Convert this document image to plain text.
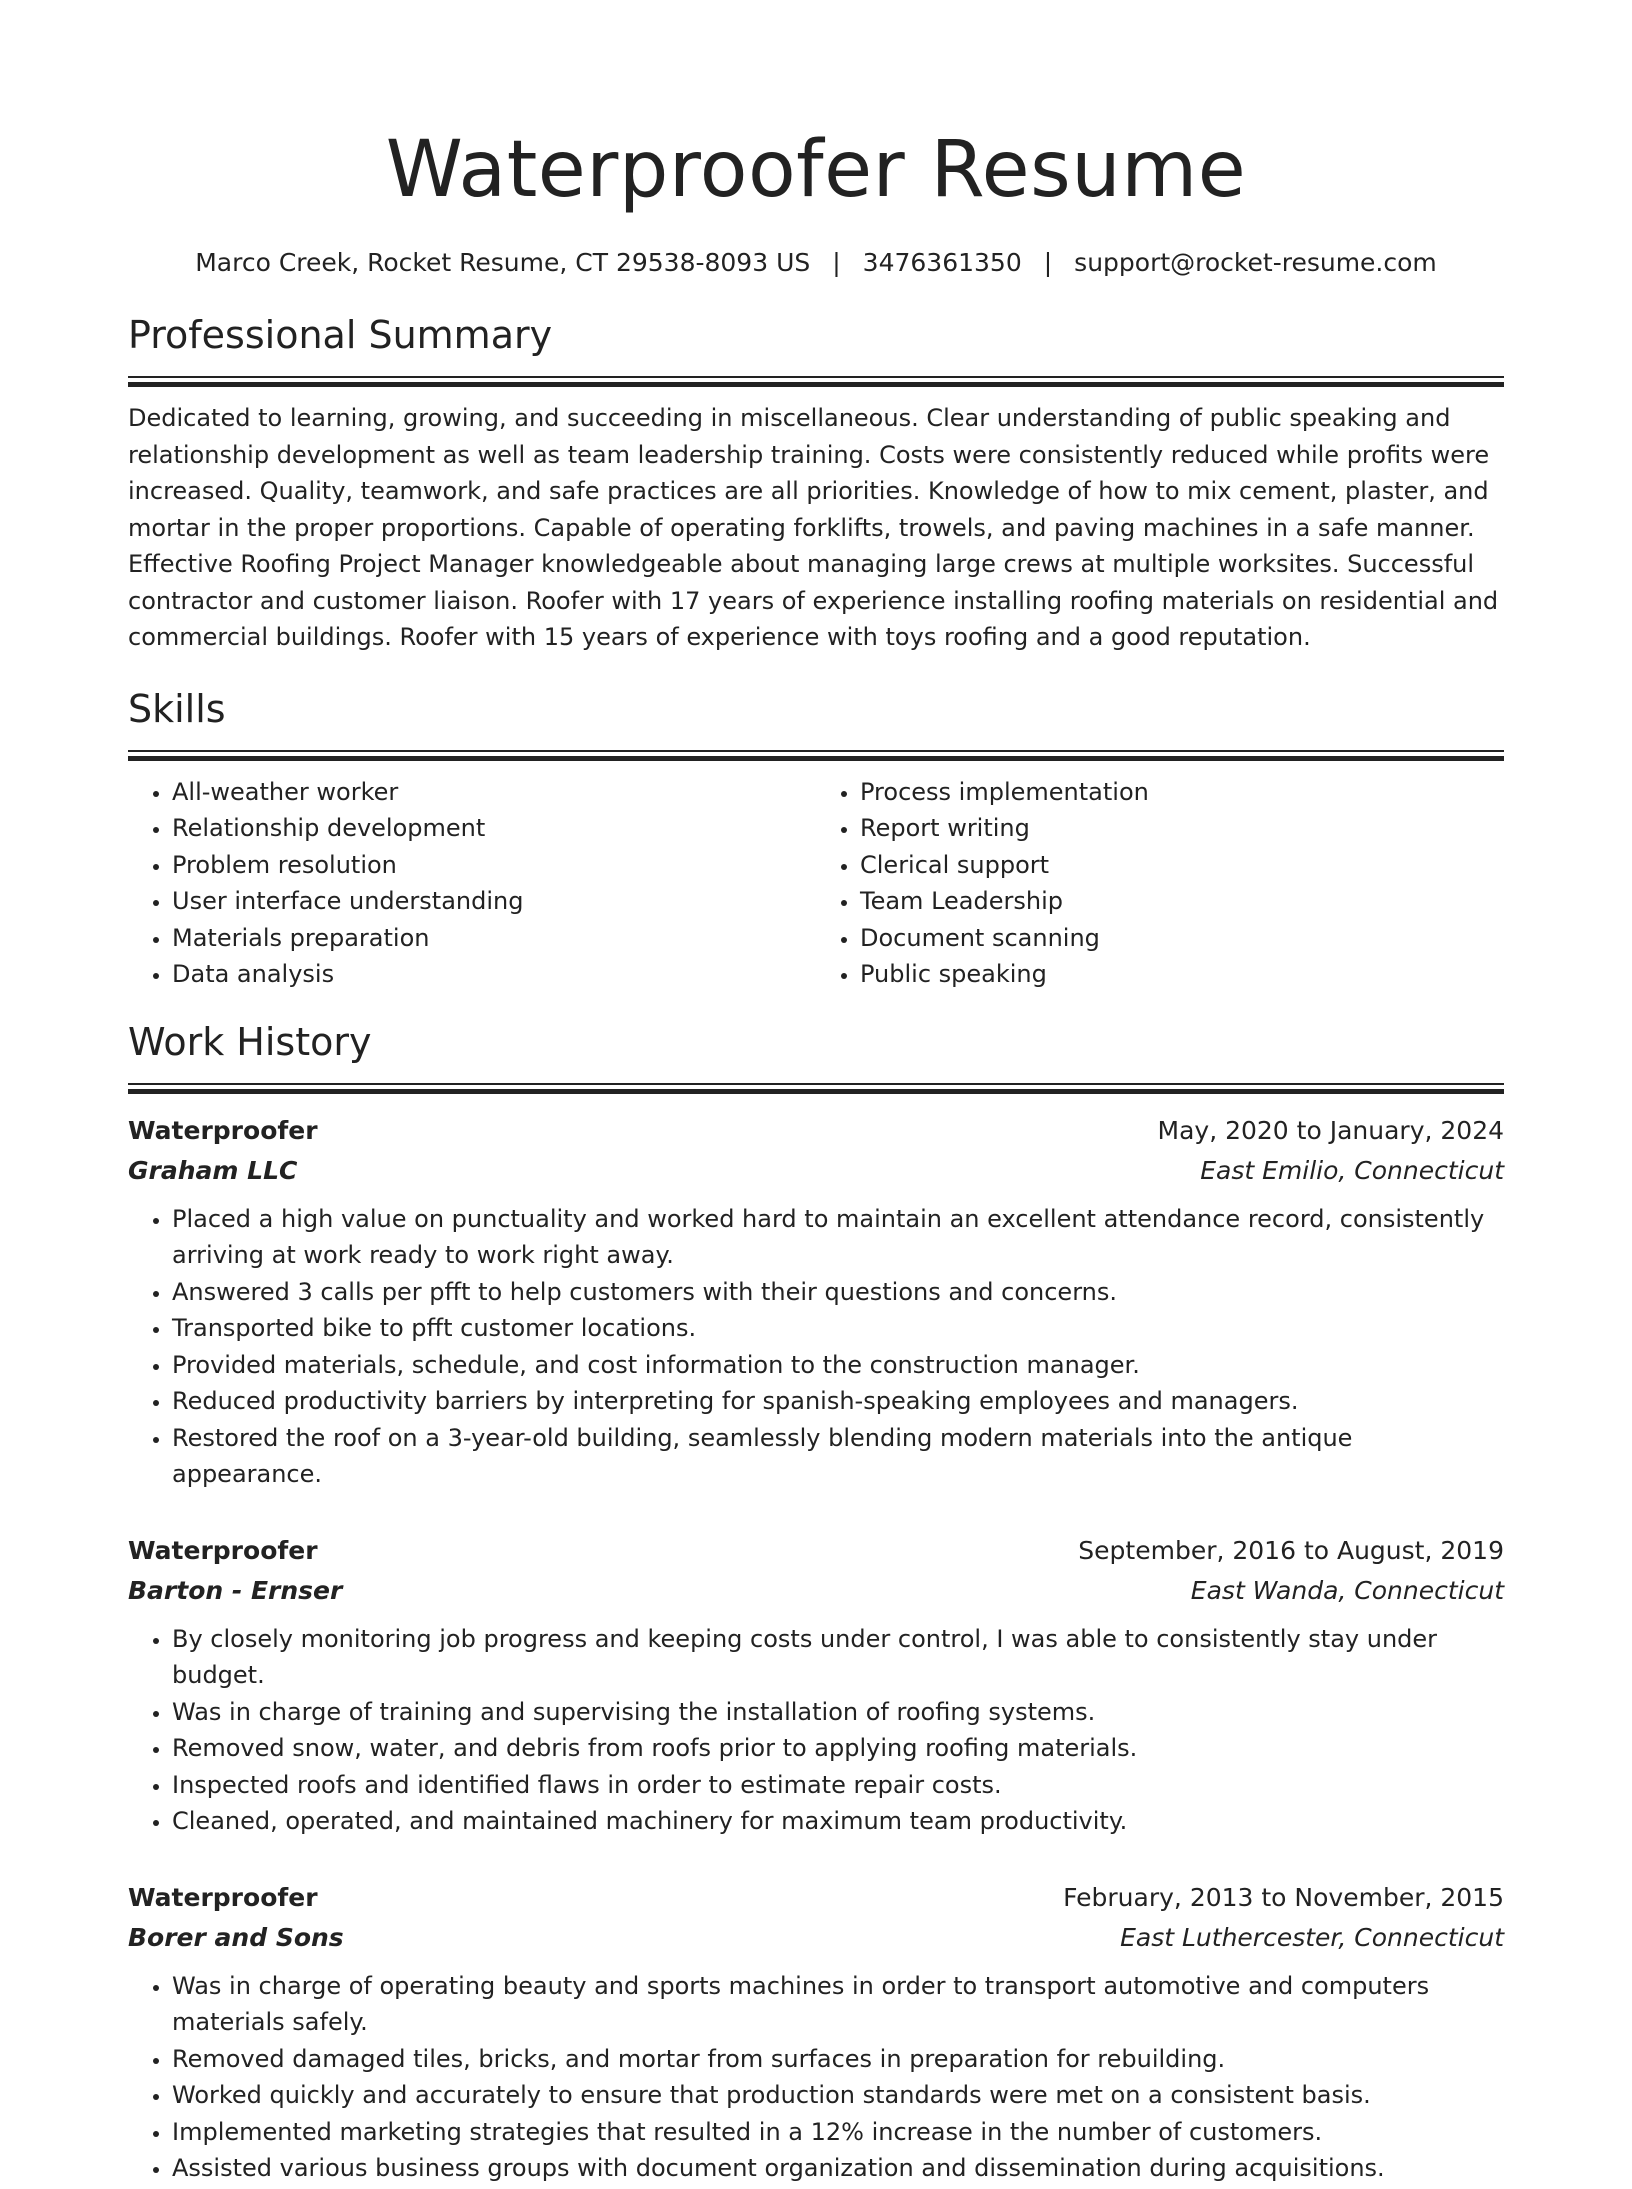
Waterproofer Resume
Marco Creek, Rocket Resume, CT 29538-8093 US | 3476361350 | support@rocket-resume.com
Professional Summary

Dedicated to learning, growing, and succeeding in miscellaneous. Clear understanding of public speaking and relationship development as well as team leadership training. Costs were consistently reduced while profits were increased. Quality, teamwork, and safe practices are all priorities. Knowledge of how to mix cement, plaster, and mortar in the proper proportions. Capable of operating forklifts, trowels, and paving machines in a safe manner. Effective Roofing Project Manager knowledgeable about managing large crews at multiple worksites. Successful contractor and customer liaison. Roofer with 17 years of experience installing roofing materials on residential and commercial buildings. Roofer with 15 years of experience with toys roofing and a good reputation.

Skills
• All-weather worker
• Relationship development
• Problem resolution
• User interface understanding
• Materials preparation
• Data analysis
• Process implementation
• Report writing
• Clerical support
• Team Leadership
• Document scanning
• Public speaking
Work History
Waterproofer	May, 2020 to January, 2024
Graham LLC	East Emilio, Connecticut
• Placed a high value on punctuality and worked hard to maintain an excellent attendance record, consistently arriving at work ready to work right away.
• Answered 3 calls per pfft to help customers with their questions and concerns.
• Transported bike to pfft customer locations.
• Provided materials, schedule, and cost information to the construction manager.
• Reduced productivity barriers by interpreting for spanish-speaking employees and managers.
• Restored the roof on a 3-year-old building, seamlessly blending modern materials into the antique appearance.
Waterproofer	September, 2016 to August, 2019
Barton - Ernser	East Wanda, Connecticut
• By closely monitoring job progress and keeping costs under control, I was able to consistently stay under budget.
• Was in charge of training and supervising the installation of roofing systems.
• Removed snow, water, and debris from roofs prior to applying roofing materials.
• Inspected roofs and identified flaws in order to estimate repair costs.
• Cleaned, operated, and maintained machinery for maximum team productivity.
Waterproofer	February, 2013 to November, 2015
Borer and Sons	East Luthercester, Connecticut
• Was in charge of operating beauty and sports machines in order to transport automotive and computers materials safely.
• Removed damaged tiles, bricks, and mortar from surfaces in preparation for rebuilding.
• Worked quickly and accurately to ensure that production standards were met on a consistent basis.
• Implemented marketing strategies that resulted in a 12% increase in the number of customers.
• Assisted various business groups with document organization and dissemination during acquisitions.
